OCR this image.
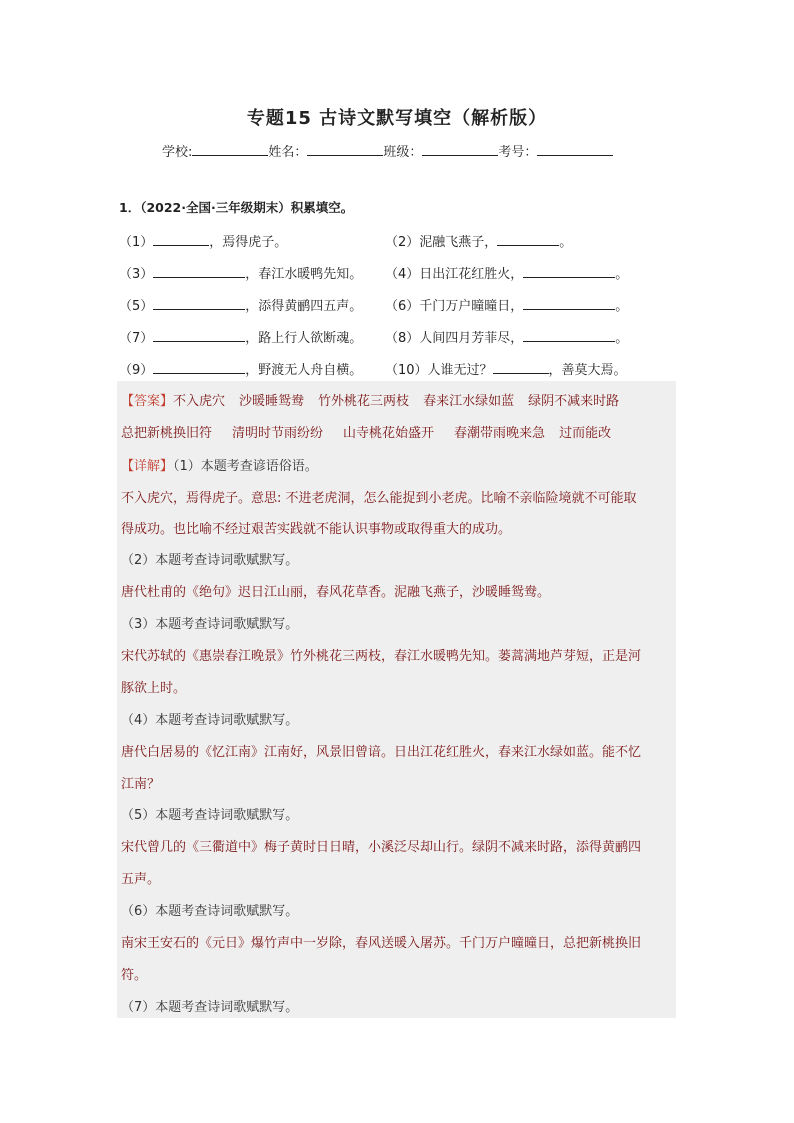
专题15 古诗文默写填空（解析版）
学校:	姓名：	班级：	考号：
1．（2022·全国·三年级期末）积累填空。
（1）	，焉得虎子。	（2）泥融飞燕子，	。
（3）	，春江水暖鸭先知。 （4）日出江花红胜火，	。
（5）	，添得黄鹂四五声。 （6）千门万户曈曈日，	。
（7）	，路上行人欲断魂。 （8）人间四月芳菲尽，	。
（9）	，野渡无人舟自横。 （10）人谁无过？	，善莫大焉。
【答案】不入虎穴 沙暖睡鸳鸯 竹外桃花三两枝 春来江水绿如蓝 绿阴不减来时路
总把新桃换旧符 清明时节雨纷纷 山寺桃花始盛开 春潮带雨晚来急 过而能改
【详解】（1）本题考查谚语俗语。
不入虎穴，焉得虎子。意思: 不进老虎洞，怎么能捉到小老虎。比喻不亲临险境就不可能取
得成功。也比喻不经过艰苦实践就不能认识事物或取得重大的成功。
（2）本题考查诗词歌赋默写。
唐代杜甫的《绝句》迟日江山丽，春风花草香。泥融飞燕子，沙暖睡鸳鸯。
（3）本题考查诗词歌赋默写。
宋代苏轼的《惠崇春江晚景》竹外桃花三两枝，春江水暖鸭先知。蒌蒿满地芦芽短，正是河
豚欲上时。
（4）本题考查诗词歌赋默写。
唐代白居易的《忆江南》江南好，风景旧曾谙。日出江花红胜火，春来江水绿如蓝。能不忆
江南？
（5）本题考查诗词歌赋默写。
宋代曾几的《三衢道中》梅子黄时日日晴，小溪泛尽却山行。绿阴不减来时路，添得黄鹂四
五声。
（6）本题考查诗词歌赋默写。
南宋王安石的《元日》爆竹声中一岁除，春风送暖入屠苏。千门万户曈曈日，总把新桃换旧
符。
（7）本题考查诗词歌赋默写。
